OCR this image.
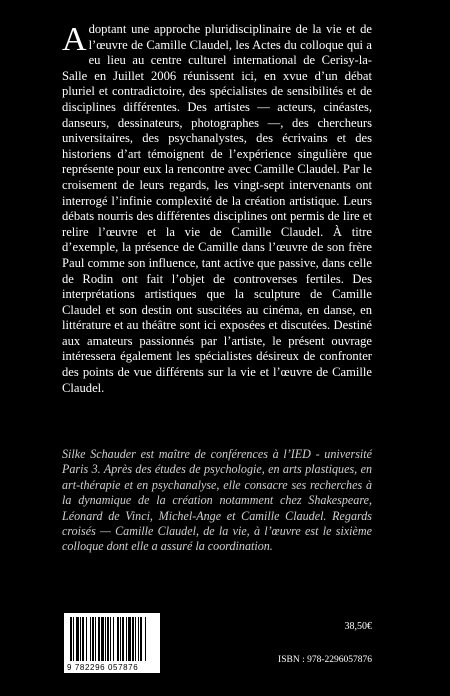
Adoptant une approche pluridisciplinaire de la vie et de l’œuvre de Camille Claudel, les Actes du colloque qui a eu lieu au centre culturel international de Cerisy-la-Salle en Juillet 2006 réunissent ici, en xvue d’un débat pluriel et contradictoire, des spécialistes de sensibilités et de disciplines différentes. Des artistes — acteurs, cinéastes, danseurs, dessinateurs, photographes —, des chercheurs universitaires, des psychanalystes, des écrivains et des historiens d’art témoignent de l’expérience singulière que représente pour eux la rencontre avec Camille Claudel. Par le croisement de leurs regards, les vingt-sept intervenants ont interrogé l’infinie complexité de la création artistique. Leurs débats nourris des différentes disciplines ont permis de lire et relire l’œuvre et la vie de Camille Claudel. À titre d’exemple, la présence de Camille dans l’œuvre de son frère Paul comme son influence, tant active que passive, dans celle de Rodin ont fait l’objet de controverses fertiles. Des interprétations artistiques que la sculpture de Camille Claudel et son destin ont suscitées au cinéma, en danse, en littérature et au théâtre sont ici exposées et discutées. Destiné aux amateurs passionnés par l’artiste, le présent ouvrage intéressera également les spécialistes désireux de confronter des points de vue différents sur la vie et l’œuvre de Camille Claudel.

Silke Schauder est maître de conférences à l’IED - université Paris 3. Après des études de psychologie, en arts plastiques, en art-thérapie et en psychanalyse, elle consacre ses recherches à la dynamique de la création notamment chez Shakespeare, Léonard de Vinci, Michel-Ange et Camille Claudel. Regards croisés — Camille Claudel, de la vie, à l’œuvre est le sixième colloque dont elle a assuré la coordination.

9 782296 057876
38,50€
ISBN : 978-2296057876
